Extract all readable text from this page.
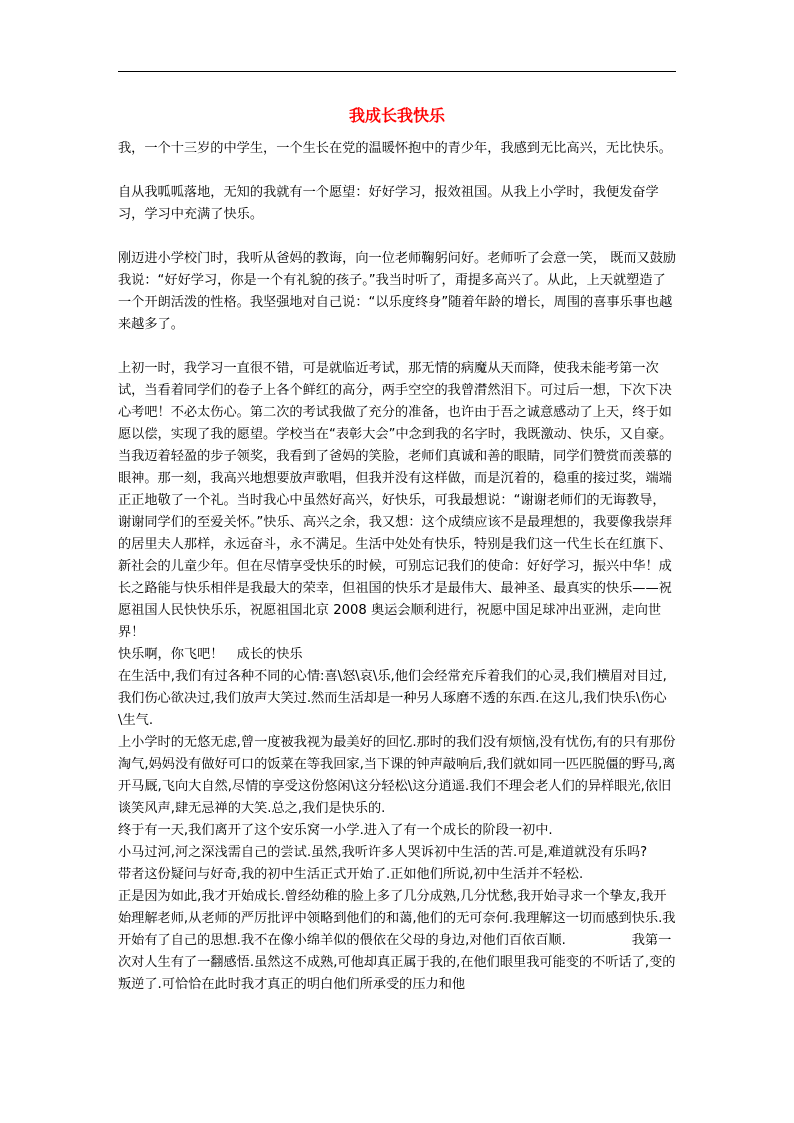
我成长我快乐

我，一个十三岁的中学生，一个生长在党的温暖怀抱中的青少年，我感到无比高兴，无比快乐。

自从我呱呱落地，无知的我就有一个愿望：好好学习，报效祖国。从我上小学时，我便发奋学习，学习中充满了快乐。

刚迈进小学校门时，我听从爸妈的教诲，向一位老师鞠躬问好。老师听了会意一笑， 既而又鼓励我说：“好好学习，你是一个有礼貌的孩子。”我当时听了，甭提多高兴了。从此，上天就塑造了一个开朗活泼的性格。我坚强地对自己说：“以乐度终身”随着年龄的增长，周围的喜事乐事也越来越多了。

上初一时，我学习一直很不错，可是就临近考试，那无情的病魔从天而降，使我未能考第一次试，当看着同学们的卷子上各个鲜红的高分，两手空空的我曾潸然泪下。可过后一想，下次下决心考吧！不必太伤心。第二次的考试我做了充分的准备，也许由于吾之诚意感动了上天，终于如愿以偿，实现了我的愿望。学校当在“表彰大会”中念到我的名字时，我既激动、快乐，又自豪。当我迈着轻盈的步子领奖，我看到了爸妈的笑脸，老师们真诚和善的眼睛，同学们赞赏而羡慕的眼神。那一刻，我高兴地想要放声歌唱，但我并没有这样做，而是沉着的，稳重的接过奖，端端正正地敬了一个礼。当时我心中虽然好高兴，好快乐，可我最想说：“谢谢老师们的无诲教导，谢谢同学们的至爱关怀。”快乐、高兴之余，我又想：这个成绩应该不是最理想的，我要像我崇拜的居里夫人那样，永远奋斗，永不满足。生活中处处有快乐，特别是我们这一代生长在红旗下、新社会的儿童少年。但在尽情享受快乐的时候，可别忘记我们的使命：好好学习，振兴中华！成长之路能与快乐相伴是我最大的荣幸，但祖国的快乐才是最伟大、最神圣、最真实的快乐——祝愿祖国人民快快乐乐，祝愿祖国北京 2008 奥运会顺利进行，祝愿中国足球冲出亚洲，走向世界！

快乐啊，你飞吧！　成长的快乐

在生活中,我们有过各种不同的心情:喜\怒\哀\乐,他们会经常充斥着我们的心灵,我们横眉对目过,我们伤心欲决过,我们放声大笑过.然而生活却是一种另人琢磨不透的东西.在这儿,我们快乐\伤心\生气.

上小学时的无悠无虑,曾一度被我视为最美好的回忆.那时的我们没有烦恼,没有忧伤,有的只有那份淘气,妈妈没有做好可口的饭菜在等我回家,当下课的钟声敲响后,我们就如同一匹匹脱僵的野马,离开马厩,飞向大自然,尽情的享受这份悠闲\这分轻松\这分逍遥.我们不理会老人们的异样眼光,依旧谈笑风声,肆无忌禅的大笑.总之,我们是快乐的.

终于有一天,我们离开了这个安乐窝一小学.进入了有一个成长的阶段一初中.

小马过河,河之深浅需自己的尝试.虽然,我听许多人哭诉初中生活的苦.可是,难道就没有乐吗?

带者这份疑问与好奇,我的初中生活正式开始了.正如他们所说,初中生活并不轻松.

正是因为如此,我才开始成长.曾经幼稚的脸上多了几分成熟,几分忧愁,我开始寻求一个挚友,我开始理解老师,从老师的严厉批评中领略到他们的和蔼,他们的无可奈何.我理解这一切而感到快乐.我开始有了自己的思想.我不在像小绵羊似的偎依在父母的身边,对他们百依百顺.　　　　　我第一次对人生有了一翻感悟.虽然这不成熟,可他却真正属于我的,在他们眼里我可能变的不听话了,变的叛逆了.可恰恰在此时我才真正的明白他们所承受的压力和他
